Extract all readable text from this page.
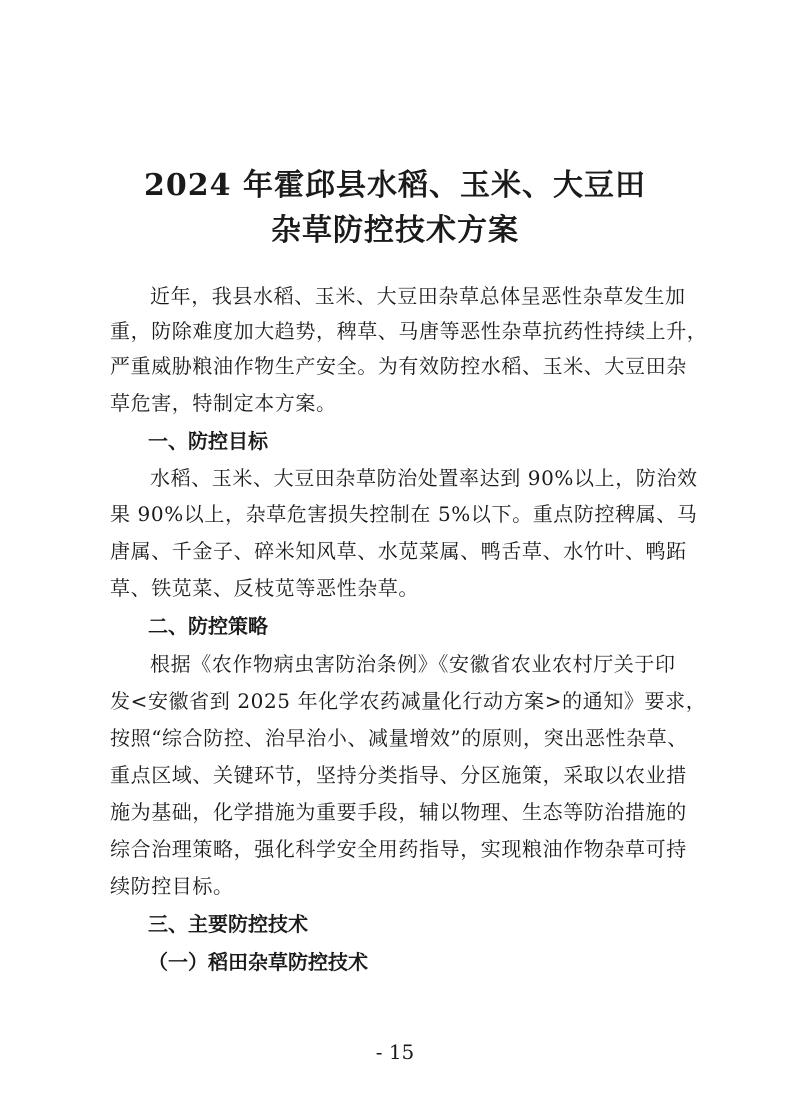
2024 年霍邱县水稻、玉米、大豆田
杂草防控技术方案
近年，我县水稻、玉米、大豆田杂草总体呈恶性杂草发生加
重，防除难度加大趋势，稗草、马唐等恶性杂草抗药性持续上升，
严重威胁粮油作物生产安全。为有效防控水稻、玉米、大豆田杂
草危害，特制定本方案。
一、防控目标
水稻、玉米、大豆田杂草防治处置率达到 90%以上，防治效
果 90%以上，杂草危害损失控制在 5%以下。重点防控稗属、马
唐属、千金子、碎米知风草、水苋菜属、鸭舌草、水竹叶、鸭跖
草、铁苋菜、反枝苋等恶性杂草。
二、防控策略
根据《农作物病虫害防治条例》《安徽省农业农村厅关于印
发<安徽省到 2025 年化学农药减量化行动方案>的通知》要求，
按照“综合防控、治早治小、减量增效”的原则，突出恶性杂草、
重点区域、关键环节，坚持分类指导、分区施策，采取以农业措
施为基础，化学措施为重要手段，辅以物理、生态等防治措施的
综合治理策略，强化科学安全用药指导，实现粮油作物杂草可持
续防控目标。
三、主要防控技术
（一）稻田杂草防控技术
- 15
